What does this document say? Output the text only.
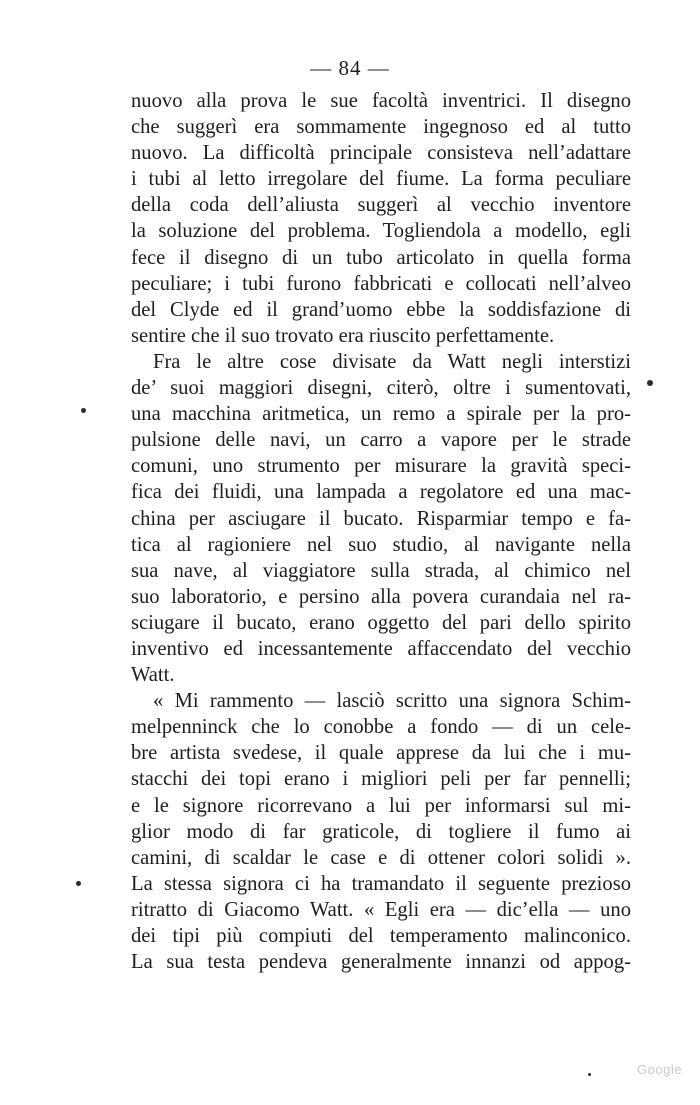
— 84 —
nuovo alla prova le sue facoltà inventrici. Il disegno
che suggerì era sommamente ingegnoso ed al tutto
nuovo. La difficoltà principale consisteva nell’adattare
i tubi al letto irregolare del fiume. La forma peculiare
della coda dell’aliusta suggerì al vecchio inventore
la soluzione del problema. Togliendola a modello, egli
fece il disegno di un tubo articolato in quella forma
peculiare; i tubi furono fabbricati e collocati nell’alveo
del Clyde ed il grand’uomo ebbe la soddisfazione di
sentire che il suo trovato era riuscito perfettamente.
Fra le altre cose divisate da Watt negli interstizi
de’ suoi maggiori disegni, citerò, oltre i sumentovati,
una macchina aritmetica, un remo a spirale per la pro-
pulsione delle navi, un carro a vapore per le strade
comuni, uno strumento per misurare la gravità speci-
fica dei fluidi, una lampada a regolatore ed una mac-
china per asciugare il bucato. Risparmiar tempo e fa-
tica al ragioniere nel suo studio, al navigante nella
sua nave, al viaggiatore sulla strada, al chimico nel
suo laboratorio, e persino alla povera curandaia nel ra-
sciugare il bucato, erano oggetto del pari dello spirito
inventivo ed incessantemente affaccendato del vecchio
Watt.
« Mi rammento — lasciò scritto una signora Schim-
melpenninck che lo conobbe a fondo — di un cele-
bre artista svedese, il quale apprese da lui che i mu-
stacchi dei topi erano i migliori peli per far pennelli;
e le signore ricorrevano a lui per informarsi sul mi-
glior modo di far graticole, di togliere il fumo ai
camini, di scaldar le case e di ottener colori solidi ».
La stessa signora ci ha tramandato il seguente prezioso
ritratto di Giacomo Watt. « Egli era — dic’ella — uno
dei tipi più compiuti del temperamento malinconico.
La sua testa pendeva generalmente innanzi od appog-
Google
